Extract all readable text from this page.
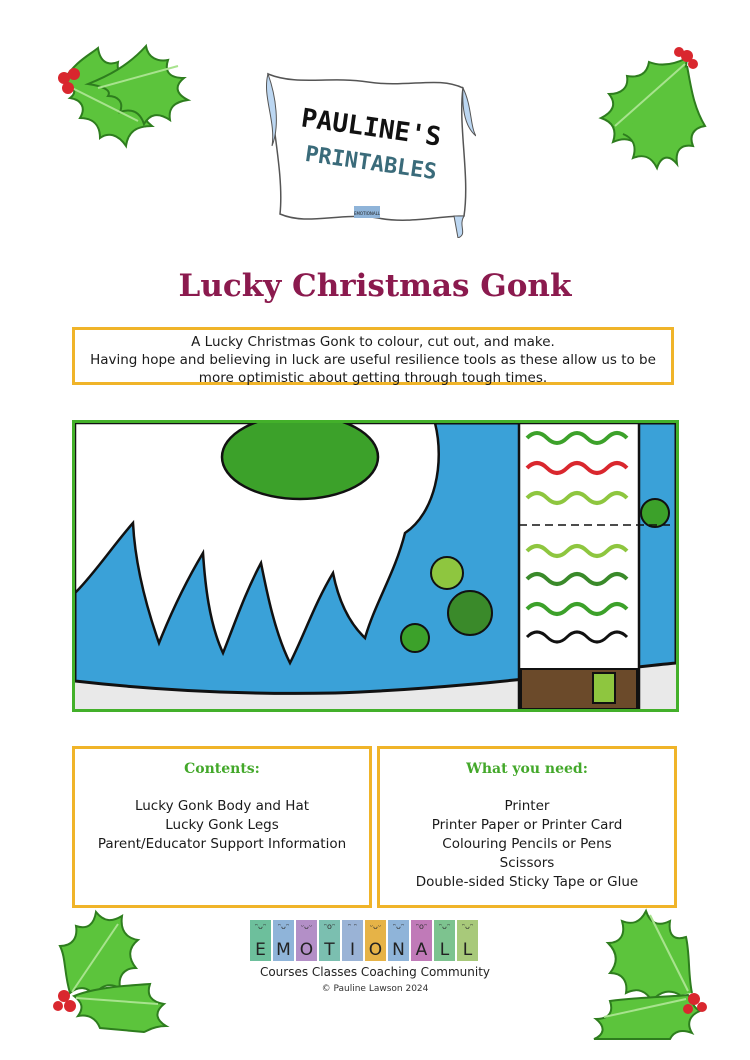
PAULINE'S
PRINTABLES
EMOTIONALL
Lucky Christmas Gonk

A Lucky Christmas Gonk to colour, cut out, and make.

Having hope and believing in luck are useful resilience tools as these allow us to be more optimistic about getting through tough times.

Contents:
Lucky Gonk Body and Hat
Lucky Gonk Legs
Parent/Educator Support Information
What you need:
Printer
Printer Paper or Printer Card
Colouring Pencils or Pens
Scissors
Double-sided Sticky Tape or Glue
ᵔᴗᵔ
E
ᵔᴗᵔ
M
ᵕᴗᵕ
O
ᵔoᵔ
T
ᵔ ᵔ
I
ᵕᴗᵕ
O
ᵔᴗᵔ
N
ᵔoᵔ
A
ᵔᴗᵔ
L
ᵔᴗᵔ
L
Courses Classes Coaching Community
© Pauline Lawson 2024
